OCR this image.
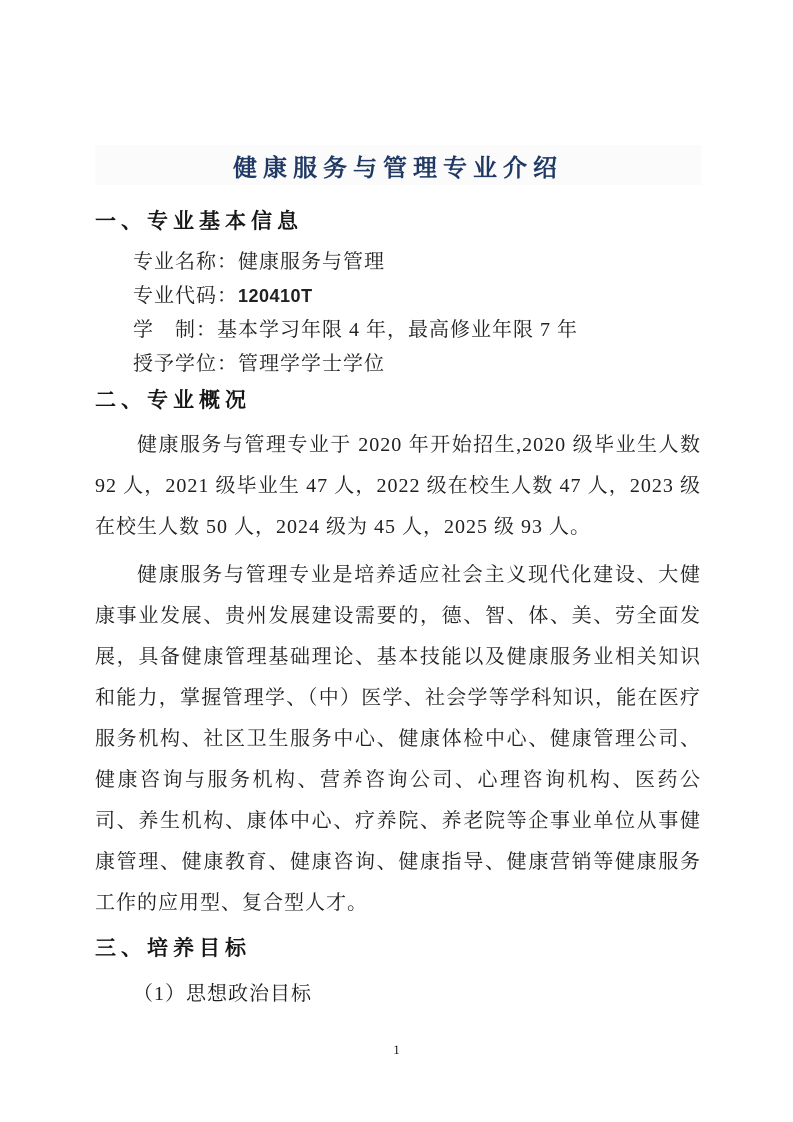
健康服务与管理专业介绍
一、专业基本信息
专业名称：健康服务与管理
专业代码：120410T
学　制：基本学习年限 4 年，最高修业年限 7 年
授予学位：管理学学士学位
二、专业概况

健康服务与管理专业于 2020 年开始招生,2020 级毕业生人数 92 人，2021 级毕业生 47 人，2022 级在校生人数 47 人，2023 级在校生人数 50 人，2024 级为 45 人，2025 级 93 人。

健康服务与管理专业是培养适应社会主义现代化建设、大健康事业发展、贵州发展建设需要的，德、智、体、美、劳全面发展，具备健康管理基础理论、基本技能以及健康服务业相关知识和能力，掌握管理学、（中）医学、社会学等学科知识，能在医疗服务机构、社区卫生服务中心、健康体检中心、健康管理公司、健康咨询与服务机构、营养咨询公司、心理咨询机构、医药公司、养生机构、康体中心、疗养院、养老院等企事业单位从事健康管理、健康教育、健康咨询、健康指导、健康营销等健康服务工作的应用型、复合型人才。

三、培养目标
（1）思想政治目标
1
